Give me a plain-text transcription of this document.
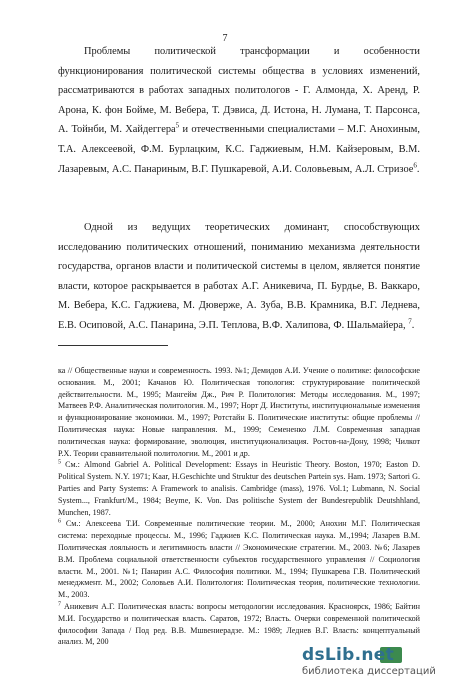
7

Проблемы политической трансформации и особенности функционирования политической системы общества в условиях изменений, рассматриваются в работах западных политологов - Г. Алмонда, Х. Аренд, Р. Арона, К. фон Бойме, М. Вебера, Т. Дэвиса, Д. Истона, Н. Лумана, Т. Парсонса, А. Тойнби, М. Хайдеггера$^5$ и отечественными специалистами – М.Г. Анохиным, Т.А. Алексеевой, Ф.М. Бурлацким, К.С. Гаджиевым, Н.М. Кайзеровым, В.М. Лазаревым, А.С. Панариным, В.Г. Пушкаревой, А.И. Соловьевым, А.Л. Стризое$^6$.

Одной из ведущих теоретических доминант, способствующих исследованию политических отношений, пониманию механизма деятельности государства, органов власти и политической системы в целом, является понятие власти, которое раскрывается в работах А.Г. Аникевича, П. Бурдье, В. Ваккаро, М. Вебера, К.С. Гаджиева, М. Дюверже, А. Зуба, В.В. Крамника, В.Г. Леднева, Е.В. Осиповой, А.С. Панарина, Э.П. Теплова, В.Ф. Халипова, Ф. Шальмайера, $^7$.

ка // Общественные науки и современность. 1993. №1; Демидов А.И. Учение о политике: философские основания. М., 2001; Качанов Ю. Политическая топология: структурирование политической действительности. М., 1995; Мангейм Дж., Рич Р. Политология: Методы исследования. М., 1997; Матвеев Р.Ф. Аналитическая политология. М., 1997; Норт Д. Институты, институциональные изменения и функционирование экономики. М., 1997; Ротстайн Б. Политические институты: общие проблемы // Политическая наука: Новые направления. М., 1999; Семененко Л.М. Современная западная политическая наука: формирование, эволюция, институционализация. Ростов-на-Дону, 1998; Чилкот Р.Х. Теории сравнительной политологии. М., 2001 и др.

$^5$ См.: Almond Gabriel A. Political Development: Essays in Heuristic Theory. Boston, 1970; Easton D. Political System. N.Y. 1971; Kaar, H.Geschichte und Struktur des deutschen Partein sys. Ham. 1973; Sartori G. Parties and Party Systems: A Framework to analisis. Cambridge (mass), 1976. Vol.1; Lubmann, N. Social System..., Frankfurt/M., 1984; Beyme, K. Von. Das politische System der Bundesrepublik Deutshhland, Munchen, 1987.

$^6$ См.: Алексеева Т.И. Современные политические теории. М., 2000; Анохин М.Г. Политическая система: переходные процессы. М., 1996; Гаджиев К.С. Политическая наука. М.,1994; Лазарев В.М. Политическая лояльность и легитимность власти // Экономические стратегии. М., 2003. №6; Лазарев В.М. Проблема социальной ответственности субъектов государственного управления // Социология власти. М., 2001. №1; Панарин А.С. Философия политики. М., 1994; Пушкарева Г.В. Политический менеджмент. М., 2002; Соловьев А.И. Политология: Политическая теория, политические технологии. М., 2003.

$^7$ Аникевич А.Г. Политическая власть: вопросы методологии исследования. Красноярск, 1986; Байтин М.И. Государство и политическая власть. Саратов, 1972; Власть. Очерки современной политической философии Запада / Под ред. В.В. Мшвениерадзе. М.: 1989; Леднев В.Г. Власть: концептуальный анализ. М, 200

dsLib.net
библиотека диссертаций
